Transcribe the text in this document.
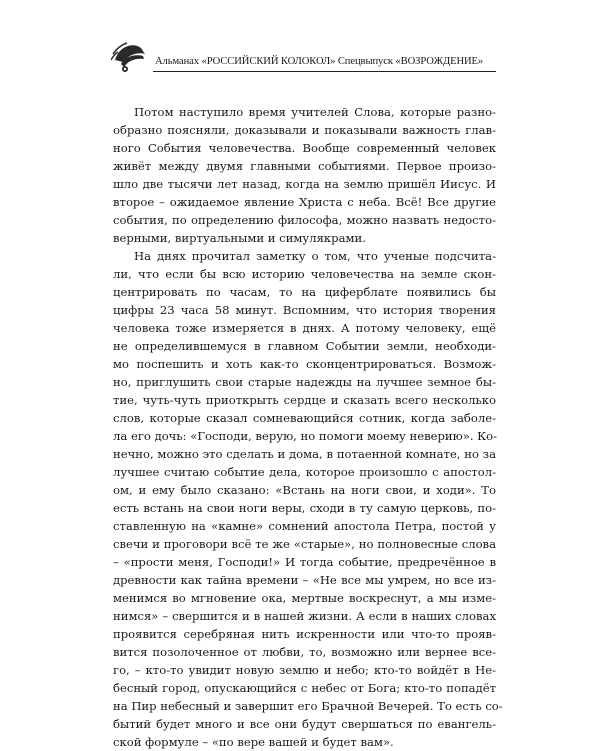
Альманах «РОССИЙСКИЙ КОЛОКОЛ» Спецвыпуск «ВОЗРОЖДЕНИЕ»

Потом наступило время учителей Слова, которые разно-
образно поясняли, доказывали и показывали важность глав-
ного События человечества. Вообще современный человек
живёт между двумя главными событиями. Первое произо-
шло две тысячи лет назад, когда на землю пришёл Иисус. И
второе – ожидаемое явление Христа с неба. Всё! Все другие
события, по определению философа, можно назвать недосто-
верными, виртуальными и симулякрами.

На днях прочитал заметку о том, что ученые подсчита-
ли, что если бы всю историю человечества на земле скон-
центрировать по часам, то на циферблате появились бы
цифры 23 часа 58 минут. Вспомним, что история творения
человека тоже измеряется в днях. А потому человеку, ещё
не определившемуся в главном Событии земли, необходи-
мо поспешить и хоть как-то сконцентрироваться. Возмож-
но, приглушить свои старые надежды на лучшее земное бы-
тие, чуть-чуть приоткрыть сердце и сказать всего несколько
слов, которые сказал сомневающийся сотник, когда заболе-
ла его дочь: «Господи, верую, но помоги моему неверию». Ко-
нечно, можно это сделать и дома, в потаенной комнате, но за
лучшее считаю событие дела, которое произошло с апостол-
ом, и ему было сказано: «Встань на ноги свои, и ходи». То
есть встань на свои ноги веры, сходи в ту самую церковь, по-
ставленную на «камне» сомнений апостола Петра, постой у
свечи и проговори всё те же «старые», но полновесные слова
– «прости меня, Господи!» И тогда событие, предречённое в
древности как тайна времени – «Не все мы умрем, но все из-
менимся во мгновение ока, мертвые воскреснут, а мы изме-
нимся» – свершится и в нашей жизни. А если в наших словах
проявится серебряная нить искренности или что-то прояв-
вится позолоченное от любви, то, возможно или вернее все-
го, – кто-то увидит новую землю и небо; кто-то войдёт в Не-
бесный город, опускающийся с небес от Бога; кто-то попадёт
на Пир небесный и завершит его Брачной Вечерей. То есть со-
бытий будет много и все они будут свершаться по евангель-
ской формуле – «по вере вашей и будет вам».
